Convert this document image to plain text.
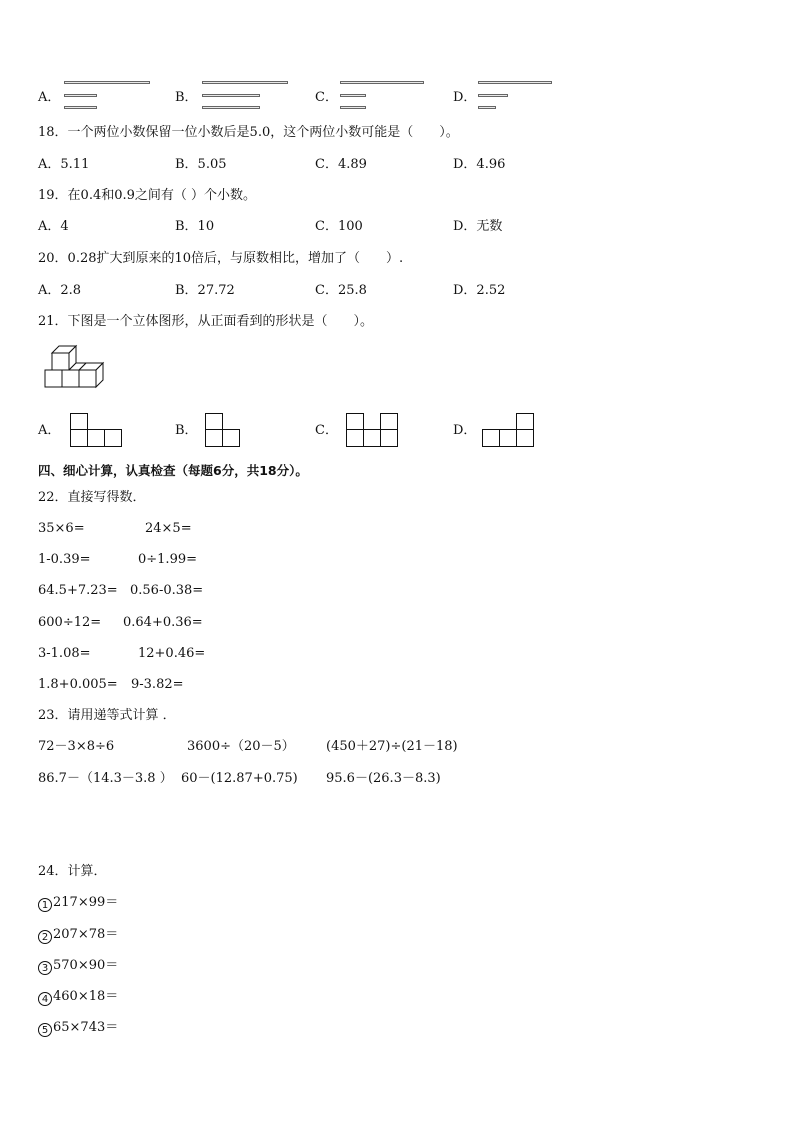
A．	B．	C．	D．
18．一个两位小数保留一位小数后是5.0，这个两位小数可能是（　　）。
A．5.11	B．5.05	C．4.89	D．4.96
19．在0.4和0.9之间有（ ）个小数。
A．4	B．10	C．100	D．无数
20．0.28扩大到原来的10倍后，与原数相比，增加了（　　）.
A．2.8	B．27.72	C．25.8	D．2.52
21．下图是一个立体图形，从正面看到的形状是（　　）。
A．	B．	C．	D．
四、细心计算，认真检查（每题6分，共18分）。
22．直接写得数．
35×6=	24×5=
1-0.39=	0÷1.99=
64.5+7.23= 0.56-0.38=
600÷12= 0.64+0.36=
3-1.08=	12+0.46=
1.8+0.005= 9-3.82=
23．请用递等式计算 ．
72－3×8÷6	3600÷（20－5） (450＋27)÷(21－18)
86.7－（14.3－3.8 ） 60－(12.87+0.75) 95.6－(26.3－8.3)
24．计算．
1 217×99＝
2 207×78＝
3 570×90＝
4 460×18＝
5 65×743＝
